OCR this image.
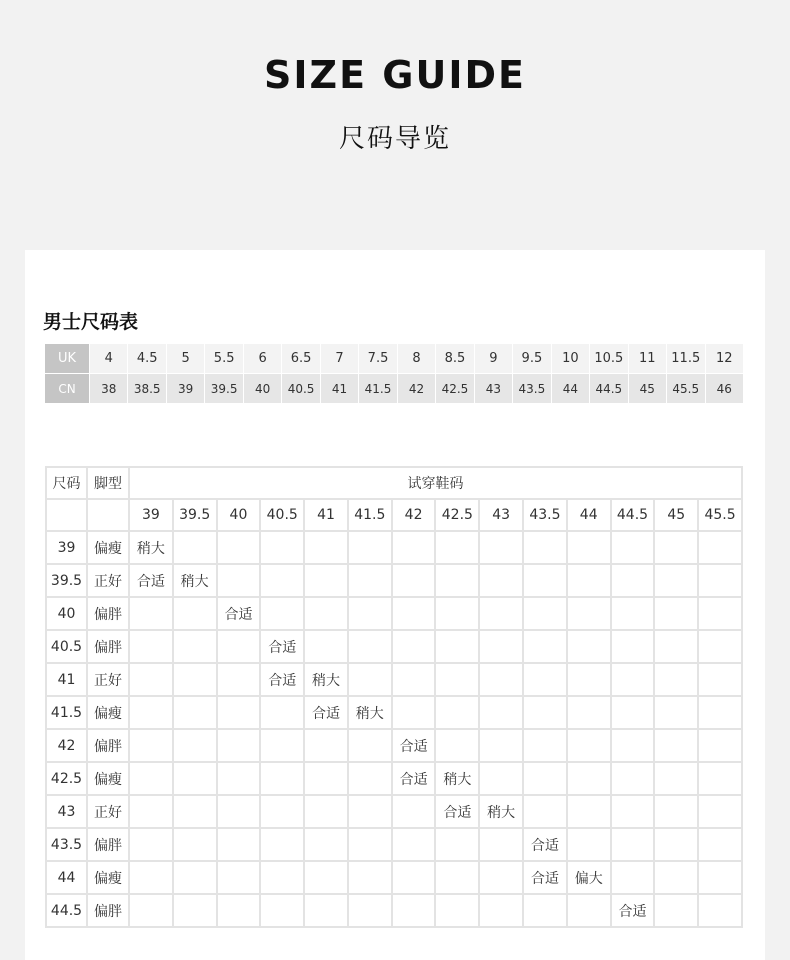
SIZE GUIDE
尺码导览
男士尺码表
UK	4	4.5	5	5.5	6	6.5	7	7.5	8	8.5	9	9.5	10	10.5	11	11.5	12
CN	38	38.5	39	39.5	40	40.5	41	41.5	42	42.5	43	43.5	44	44.5	45	45.5	46
尺码	脚型	试穿鞋码													
		39	39.5	40	40.5	41	41.5	42	42.5	43	43.5	44	44.5	45	45.5
39	偏瘦	稍大													
39.5	正好	合适	稍大												
40	偏胖			合适											
40.5	偏胖				合适										
41	正好				合适	稍大									
41.5	偏瘦					合适	稍大								
42	偏胖							合适							
42.5	偏瘦							合适	稍大						
43	正好								合适	稍大					
43.5	偏胖										合适				
44	偏瘦										合适	偏大			
44.5	偏胖												合适		
